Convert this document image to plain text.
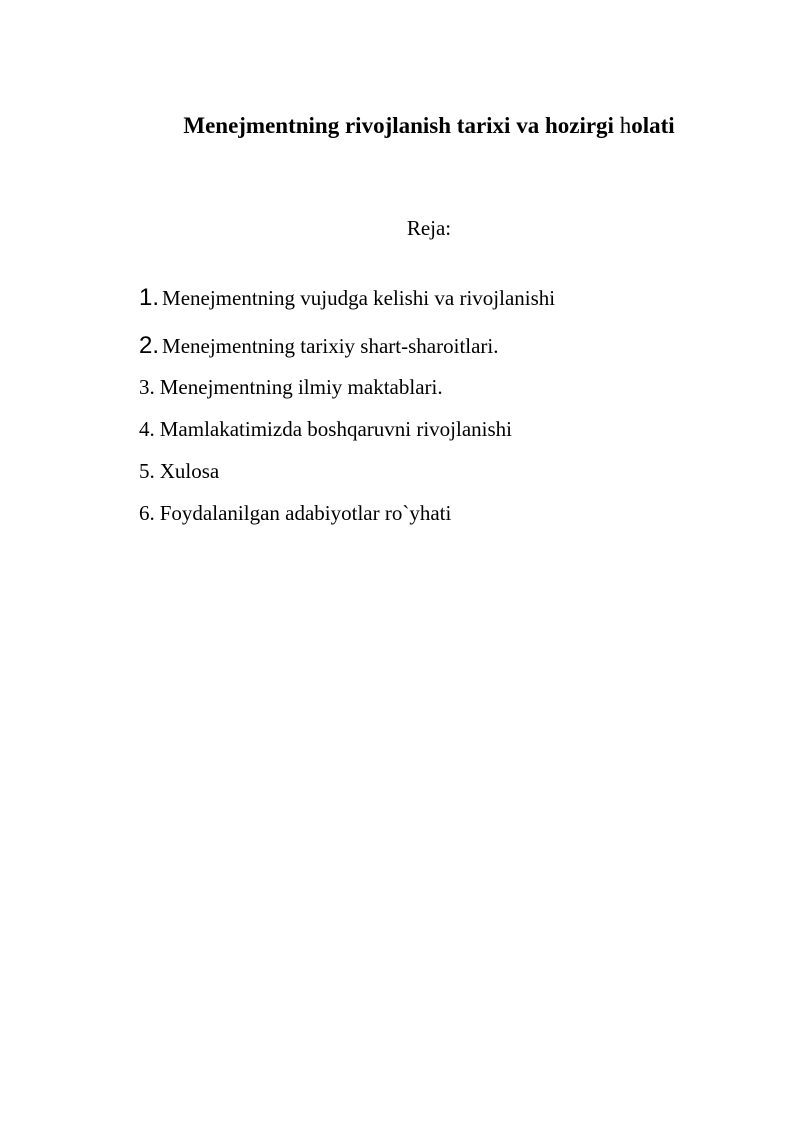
Menejmentning rivojlanish tarixi va hozirgi holati
Reja:
1. Menejmentning vujudga kelishi va rivojlanishi
2. Menejmentning tarixiy shart-sharoitlari.
3. Menejmentning ilmiy maktablari.
4. Mamlakatimizda boshqaruvni rivojlanishi
5. Xulosa
6. Foydalanilgan adabiyotlar ro`yhati
